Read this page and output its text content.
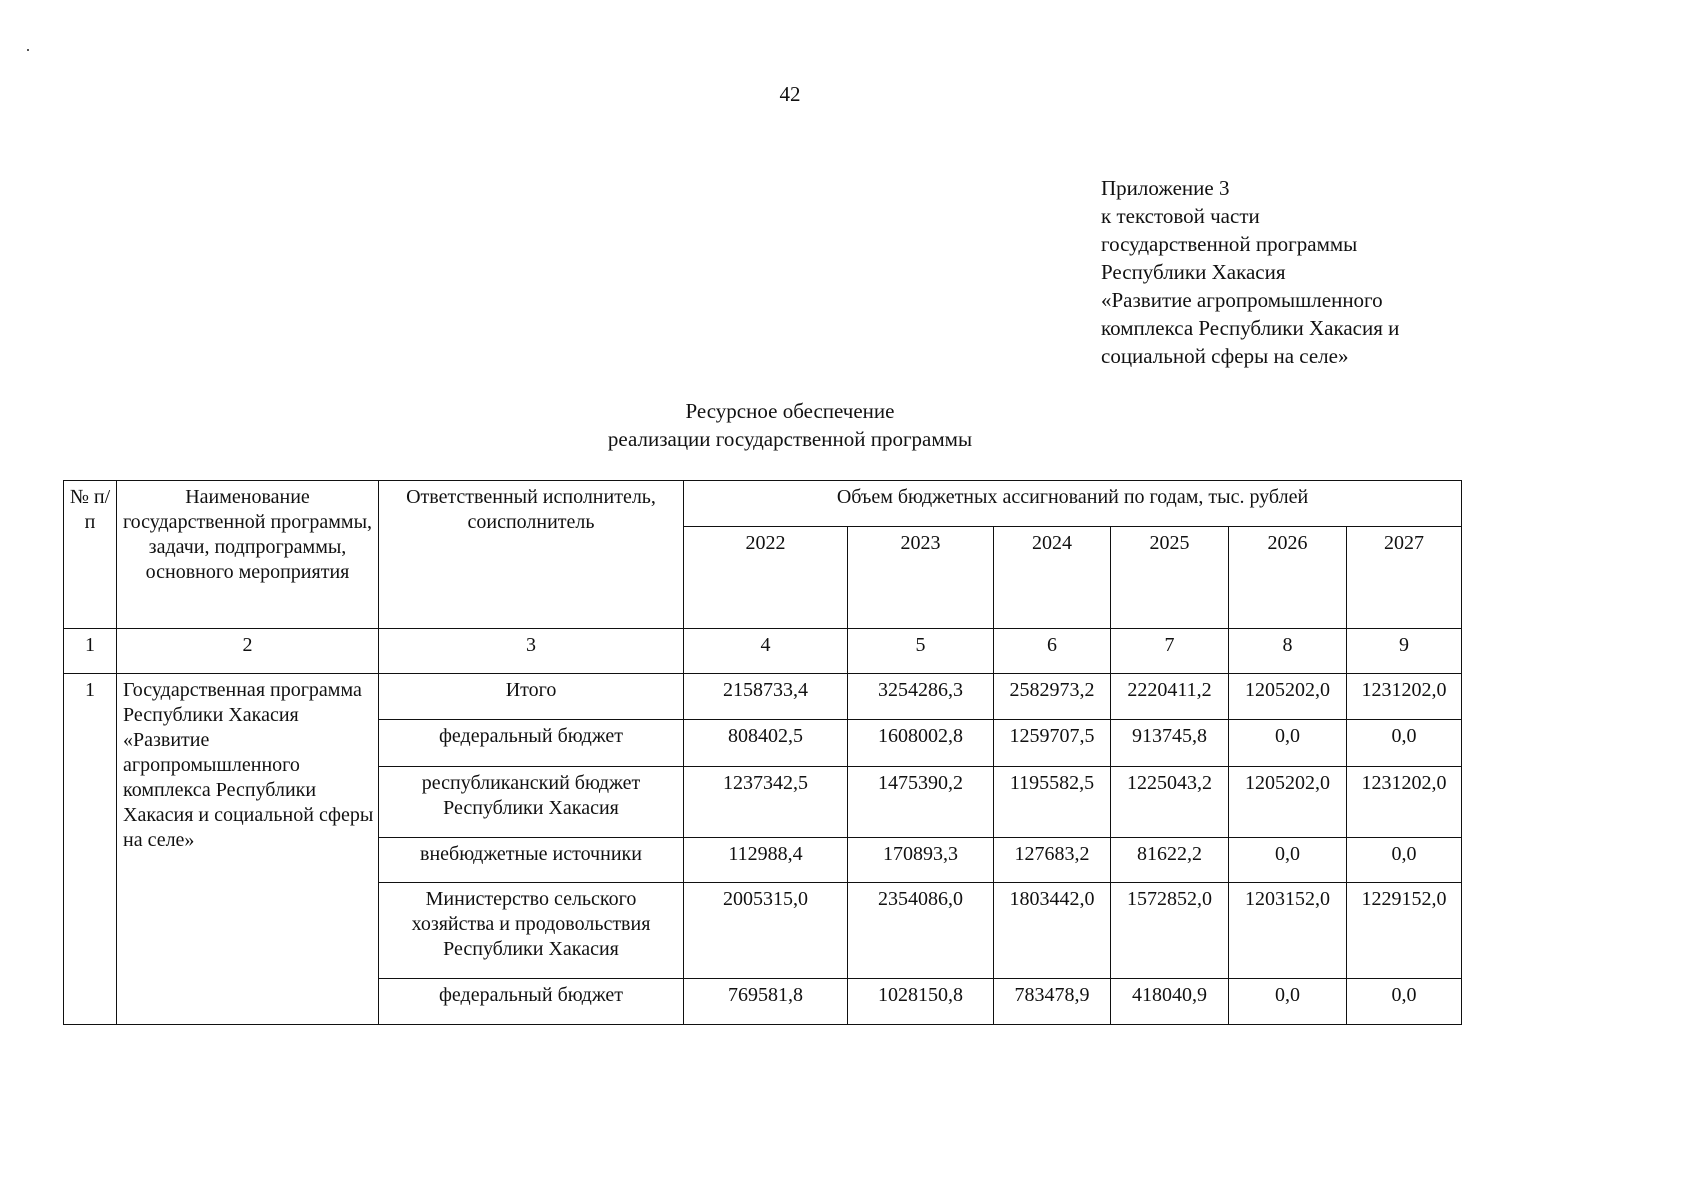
42
Приложение 3
к текстовой части
государственной программы
Республики Хакасия
«Развитие агропромышленного
комплекса Республики Хакасия и
социальной сферы на селе»
Ресурсное обеспечение
реализации государственной программы
№ п/п	Наименование государственной программы, задачи, подпрограммы, основного мероприятия	Ответственный исполнитель, соисполнитель	Объем бюджетных ассигнований по годам, тыс. рублей					
			2022	2023	2024	2025	2026	2027
1	2	3	4	5	6	7	8	9
1	Государственная программа Республики Хакасия «Развитие агропромышленного комплекса Республики Хакасия и социальной сферы на селе»	Итого	2158733,4	3254286,3	2582973,2	2220411,2	1205202,0	1231202,0
		федеральный бюджет	808402,5	1608002,8	1259707,5	913745,8	0,0	0,0
		республиканский бюджет Республики Хакасия	1237342,5	1475390,2	1195582,5	1225043,2	1205202,0	1231202,0
		внебюджетные источники	112988,4	170893,3	127683,2	81622,2	0,0	0,0
		Министерство сельского хозяйства и продовольствия Республики Хакасия	2005315,0	2354086,0	1803442,0	1572852,0	1203152,0	1229152,0
		федеральный бюджет	769581,8	1028150,8	783478,9	418040,9	0,0	0,0
